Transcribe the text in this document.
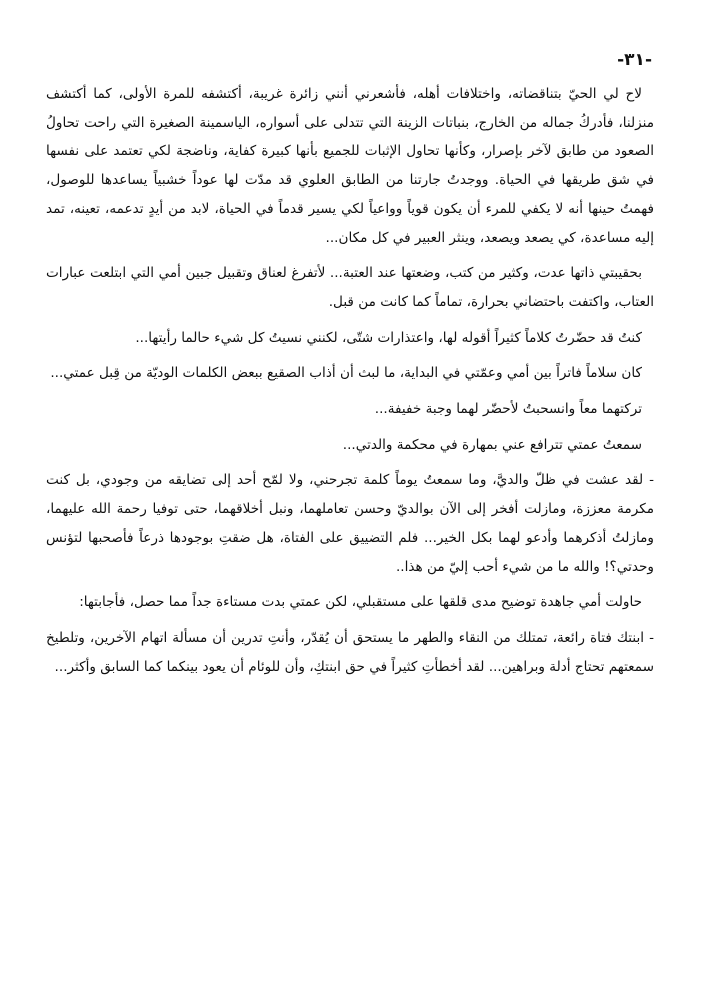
-٣١-

لاح لي الحيّ بتناقضاته، واختلافات أهله، فأشعرني أنني زائرة غريبة، أكتشفه للمرة الأولى، كما أكتشف منزلنا، فأدركُ جماله من الخارج، بنباتات الزينة التي تتدلى على أسواره، الياسمينة الصغيرة التي راحت تحاولُ الصعود من طابق لآخر بإصرار، وكأنها تحاول الإثبات للجميع بأنها كبيرة كفاية، وناضجة لكي تعتمد على نفسها في شق طريقها في الحياة. ووجدتُ جارتنا من الطابق العلوي قد مدّت لها عوداً خشبياً يساعدها للوصول، فهمتُ حينها أنه لا يكفي للمرء أن يكون قوياً وواعياً لكي يسير قدماً في الحياة، لابد من أيدٍ تدعمه، تعينه، تمد إليه مساعدة، كي يصعد ويصعد، وينثر العبير في كل مكان...

بحقيبتي ذاتها عدت، وكثير من كتب، وضعتها عند العتبة... لأتفرغ لعناق وتقبيل جبين أمي التي ابتلعت عبارات العتاب، واكتفت باحتضاني بحرارة، تماماً كما كانت من قبل.

كنتُ قد حضّرتُ كلاماً كثيراً أقوله لها، واعتذارات شتّى، لكنني نسيتُ كل شيء حالما رأيتها...

كان سلاماً فاتراً بين أمي وعمّتي في البداية، ما لبث أن أذاب الصقيع ببعض الكلمات الوديّة من قِبل عمتي...

تركتهما معاً وانسحبتُ لأحضّر لهما وجبة خفيفة...

سمعتُ عمتي تترافع عني بمهارة في محكمة والدتي...

- لقد عشت في ظلّ والديَّ، وما سمعتُ يوماً كلمة تجرحني، ولا لمّح أحد إلى تضايقه من وجودي، بل كنت مكرمة معززة، ومازلت أفخر إلى الآن بوالديّ وحسن تعاملهما، ونبل أخلاقهما، حتى توفيا رحمة الله عليهما، ومازلتُ أذكرهما وأدعو لهما بكل الخير... فلم التضييق على الفتاة، هل ضقتِ بوجودها ذرعاً فأصحبها لتؤنس وحدتي؟! والله ما من شيء أحب إليّ من هذا..

حاولت أمي جاهدة توضيح مدى قلقها على مستقبلي، لكن عمتي بدت مستاءة جداً مما حصل، فأجابتها:

- ابنتك فتاة رائعة، تمتلك من النقاء والطهر ما يستحق أن يُقدّر، وأنتِ تدرين أن مسألة اتهام الآخرين، وتلطيخ سمعتهم تحتاج أدلة وبراهين... لقد أخطأتِ كثيراً في حق ابنتكِ، وأن للوئام أن يعود بينكما كما السابق وأكثر...
